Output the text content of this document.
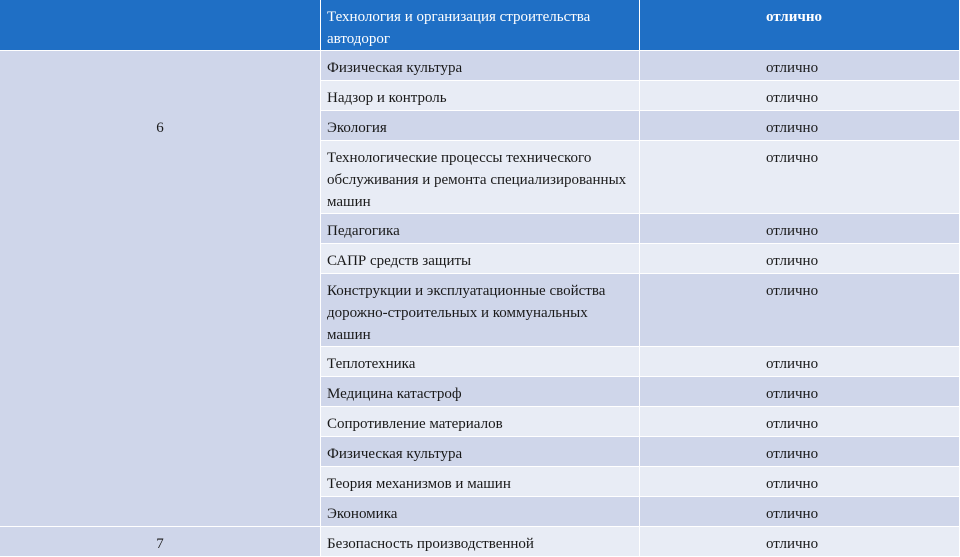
	Технология и организация строительства автодорог	отлично

6	Физическая культура	отлично

	Надзор и контроль	отлично

	Экология	отлично

	Технологические процессы технического обслуживания и ремонта специализированных машин	отлично

	Педагогика	отлично

	САПР средств защиты	отлично

	Конструкции и эксплуатационные свойства дорожно-строительных и коммунальных машин	отлично

	Теплотехника	отлично

	Медицина катастроф	отлично

	Сопротивление материалов	отлично

	Физическая культура	отлично

	Теория механизмов и машин	отлично

	Экономика	отлично

7	Безопасность производственной	отлично
